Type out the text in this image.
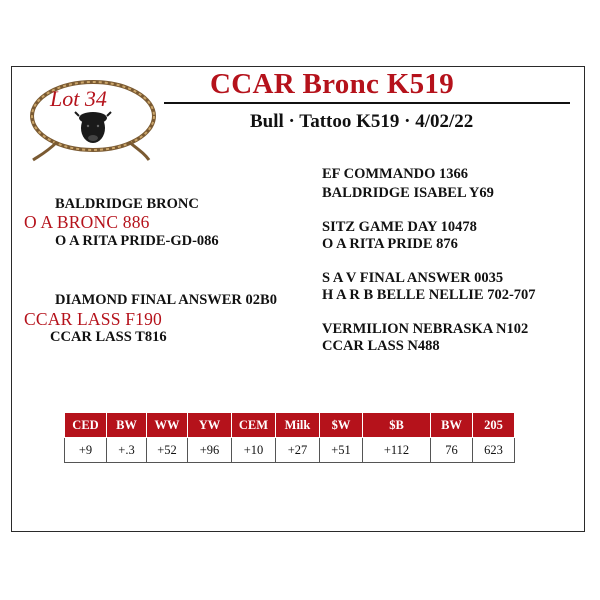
Lot 34	CCAR Bronc K519
Bull · Tattoo K519 · 4/02/22
BALDRIDGE BRONC
O A BRONC 886
O A RITA PRIDE-GD-086
DIAMOND FINAL ANSWER 02B0
CCAR LASS F190
CCAR LASS T816
EF COMMANDO 1366
BALDRIDGE ISABEL Y69
SITZ GAME DAY 10478
O A RITA PRIDE 876
S A V FINAL ANSWER 0035
H A R B BELLE NELLIE 702-707
VERMILION NEBRASKA N102
CCAR LASS N488
CED	BW	WW	YW	CEM	Milk	$W	$B	BW	205
+9	+.3	+52	+96	+10	+27	+51	+112	76	623
